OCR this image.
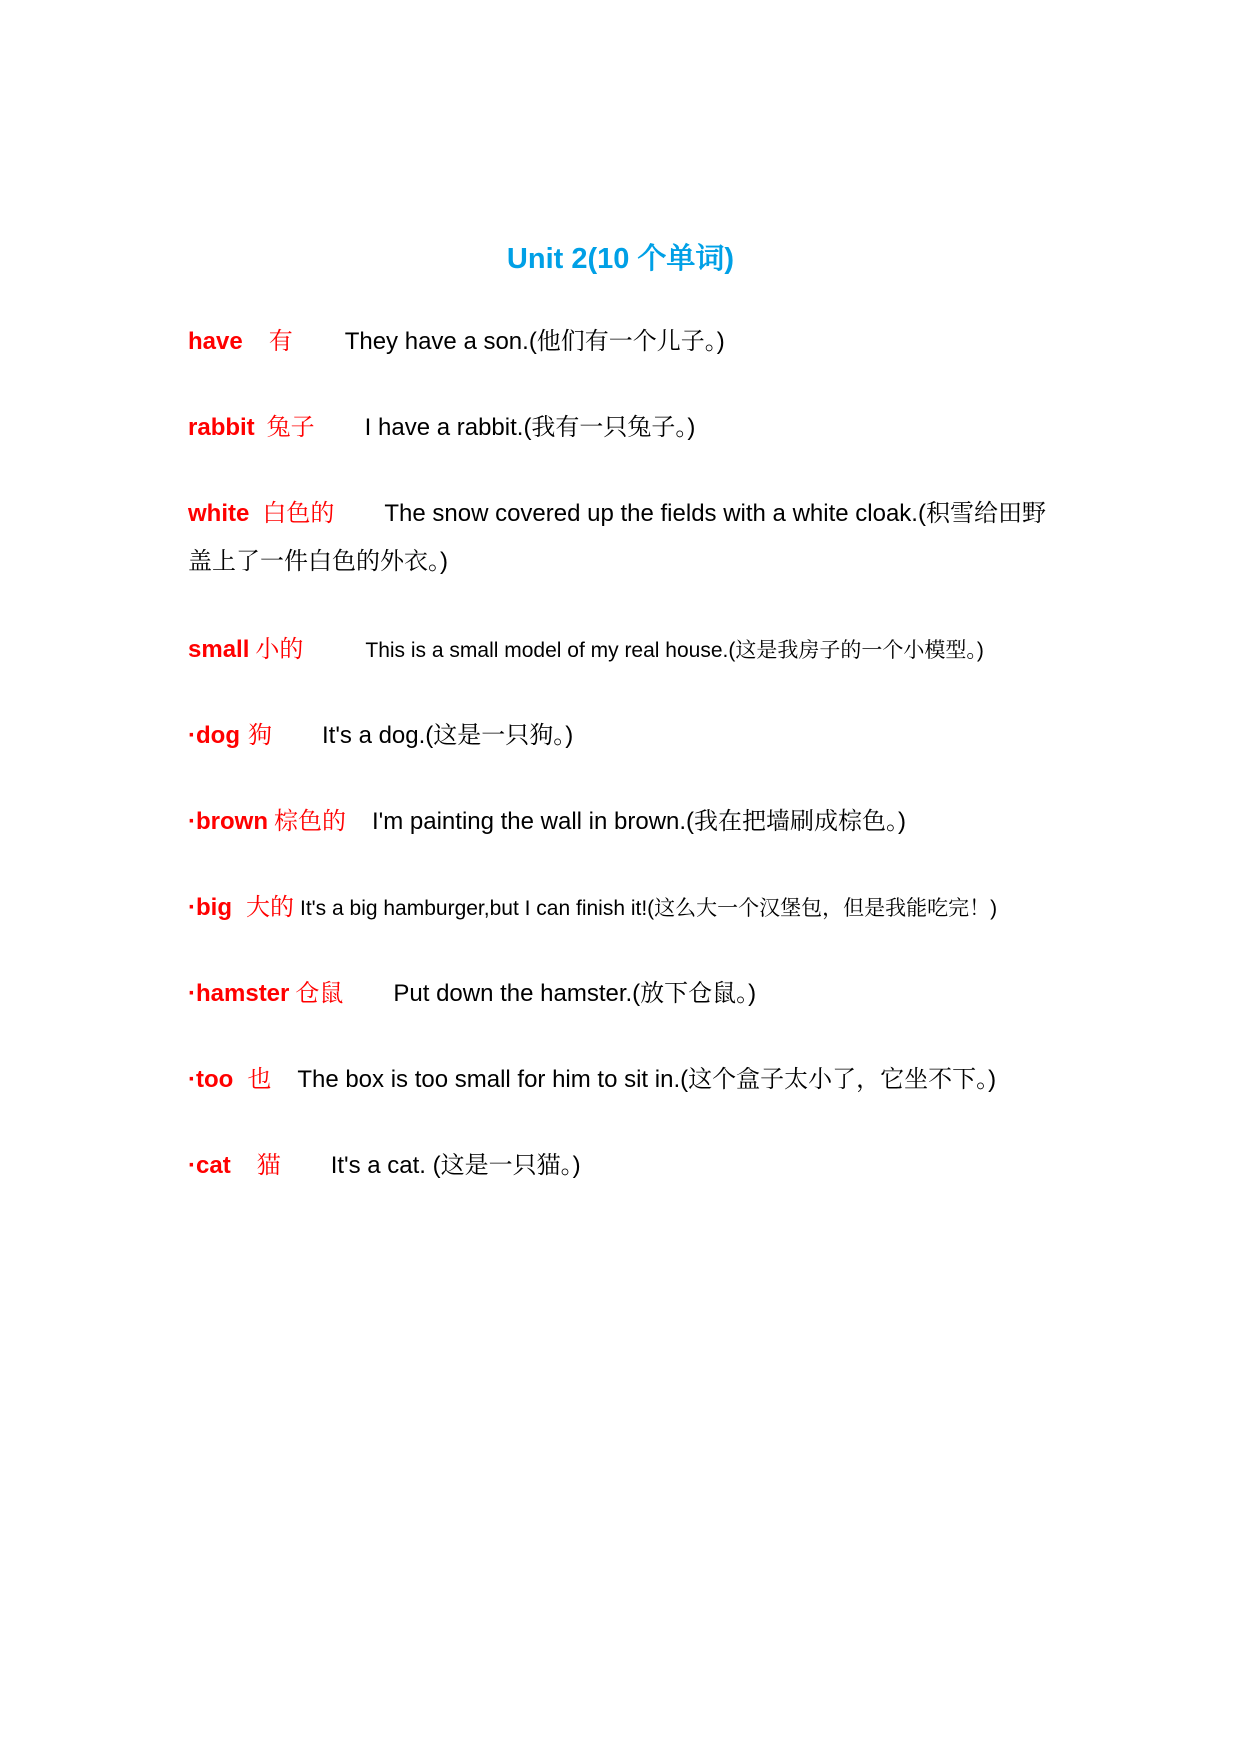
Unit 2(10 个单词)
have 有 They have a son.(他们有一个儿子。)
rabbit 兔子 I have a rabbit.(我有一只兔子。)
white 白色的 The snow covered up the fields with a white cloak.(积雪给田野盖上了一件白色的外衣。)
small 小的	This is a small model of my real house.(这是我房子的一个小模型。)
·dog 狗 It's a dog.(这是一只狗。)
·brown 棕色的 I'm painting the wall in brown.(我在把墙刷成棕色。)
·big 大的 It's a big hamburger,but I can finish it!(这么大一个汉堡包，但是我能吃完！)
·hamster 仓鼠 Put down the hamster.(放下仓鼠。)
·too 也 The box is too small for him to sit in.(这个盒子太小了，它坐不下。)
·cat 猫 It's a cat. (这是一只猫。)
